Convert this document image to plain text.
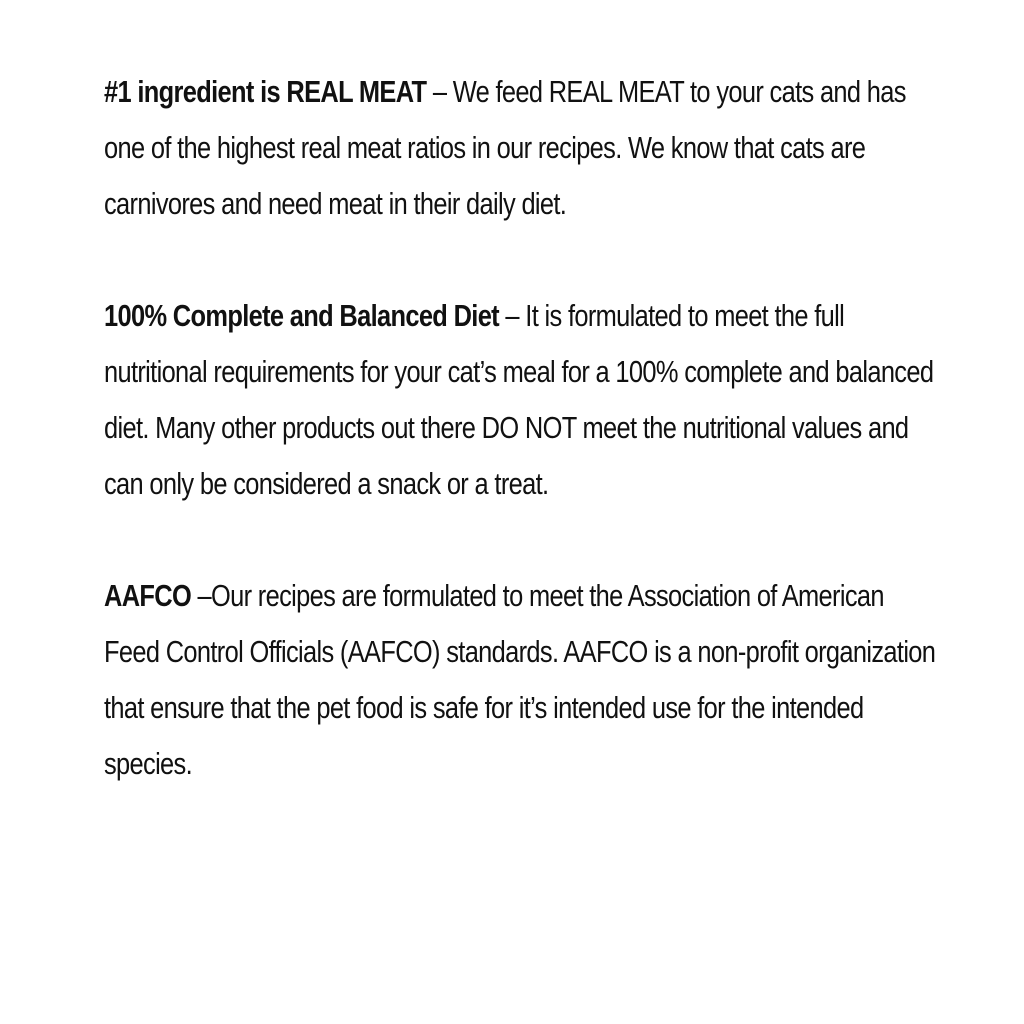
#1 ingredient is REAL MEAT – We feed REAL MEAT to your cats and has one of the highest real meat ratios in our recipes. We know that cats are carnivores and need meat in their daily diet.

100% Complete and Balanced Diet – It is formulated to meet the full nutritional requirements for your cat’s meal for a 100% complete and balanced diet. Many other products out there DO NOT meet the nutritional values and can only be considered a snack or a treat.

AAFCO –Our recipes are formulated to meet the Association of American Feed Control Officials (AAFCO) standards. AAFCO is a non-profit organization that ensure that the pet food is safe for it’s intended use for the intended species.
